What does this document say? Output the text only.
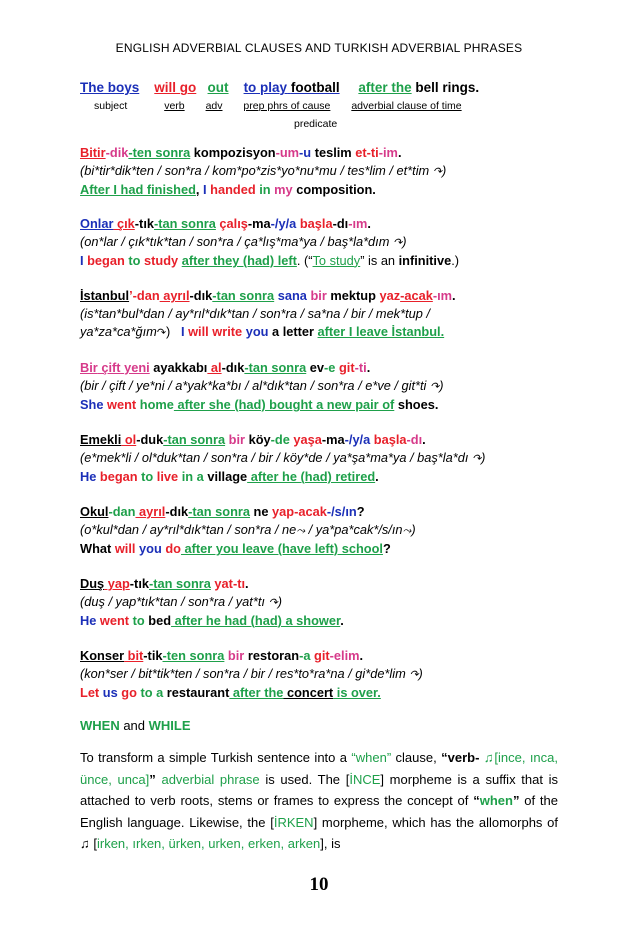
ENGLISH ADVERBIAL CLAUSES AND TURKISH ADVERBIAL PHRASES
The boys will go out to play football after the bell rings.
subject	verb adv prep phrs of cause adverbial clause of time
predicate
Bitir-dik-ten sonra kompozisyon-um-u teslim et-ti-im.
(bi*tir*dik*ten / son*ra / kom*po*zis*yo*nu*mu / tes*lim / et*tim ↷)
After I had finished, I handed in my composition.
Onlar çık-tık-tan sonra çalış-ma-/y/a başla-dı-ım.
(on*lar / çık*tık*tan / son*ra / ça*lış*ma*ya / baş*la*dım ↷)
I began to study after they (had) left. (“To study” is an infinitive.)
İstanbul’-dan ayrıl-dık-tan sonra sana bir mektup yaz-acak-ım.
(is*tan*bul*dan / ay*rıl*dık*tan / son*ra / sa*na / bir / mek*tup /
ya*za*ca*ğım↷)   I will write you a letter after I leave İstanbul.
Bir çift yeni ayakkabı al-dık-tan sonra ev-e git-ti.
(bir / çift / ye*ni / a*yak*ka*bı / al*dık*tan / son*ra / e*ve / git*ti ↷)
She went home after she (had) bought a new pair of shoes.
Emekli ol-duk-tan sonra bir köy-de yaşa-ma-/y/a başla-dı.
(e*mek*li / ol*duk*tan / son*ra / bir / köy*de / ya*şa*ma*ya / baş*la*dı ↷)
He began to live in a village after he (had) retired.
Okul-dan ayrıl-dık-tan sonra ne yap-acak-/s/ın?
(o*kul*dan / ay*rıl*dık*tan / son*ra / ne⤳ / ya*pa*cak*/s/ın⤳)
What will you do after you leave (have left) school?
Duş yap-tık-tan sonra yat-tı.
(duş / yap*tık*tan / son*ra / yat*tı ↷)
He went to bed after he had (had) a shower.
Konser bit-tik-ten sonra bir restoran-a git-elim.
(kon*ser / bit*tik*ten / son*ra / bir / res*to*ra*na / gi*de*lim ↷)
Let us go to a restaurant after the concert is over.
WHEN and WHILE
To transform a simple Turkish sentence into a “when” clause, “verb- ♫[ince, ınca, ünce, unca]” adverbial phrase is used. The [İNCE] morpheme is a suffix that is attached to verb roots, stems or frames to express the concept of “when” of the English language. Likewise, the [İRKEN] morpheme, which has the allomorphs of ♫ [irken, ırken, ürken, urken, erken, arken], is
10
